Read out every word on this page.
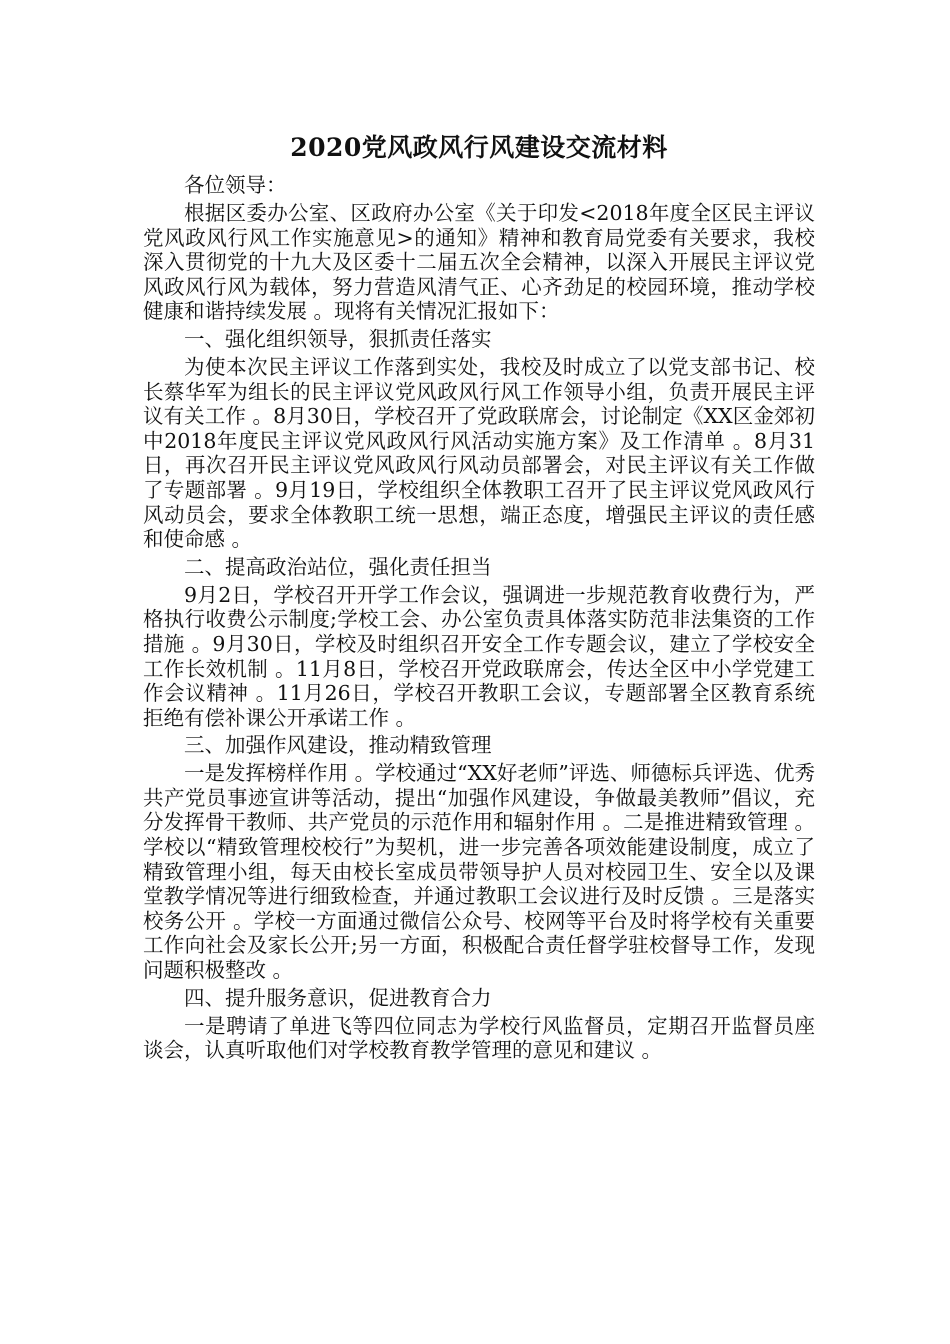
2020党风政风行风建设交流材料

各位领导：

根据区委办公室、区政府办公室《关于印发<2018年度全区民主评议党风政风行风工作实施意见>的通知》精神和教育局党委有关要求，我校深入贯彻党的十九大及区委十二届五次全会精神，以深入开展民主评议党风政风行风为载体，努力营造风清气正、心齐劲足的校园环境，推动学校健康和谐持续发展 。现将有关情况汇报如下：

一、强化组织领导，狠抓责任落实

为使本次民主评议工作落到实处，我校及时成立了以党支部书记、校长蔡华军为组长的民主评议党风政风行风工作领导小组，负责开展民主评议有关工作 。8月30日，学校召开了党政联席会，讨论制定《XX区金郊初中2018年度民主评议党风政风行风活动实施方案》及工作清单 。8月31日，再次召开民主评议党风政风行风动员部署会，对民主评议有关工作做了专题部署 。9月19日，学校组织全体教职工召开了民主评议党风政风行风动员会，要求全体教职工统一思想，端正态度，增强民主评议的责任感和使命感 。

二、提高政治站位，强化责任担当

9月2日，学校召开开学工作会议，强调进一步规范教育收费行为，严格执行收费公示制度;学校工会、办公室负责具体落实防范非法集资的工作措施 。9月30日，学校及时组织召开安全工作专题会议，建立了学校安全工作长效机制 。11月8日，学校召开党政联席会，传达全区中小学党建工作会议精神 。11月26日，学校召开教职工会议，专题部署全区教育系统拒绝有偿补课公开承诺工作 。

三、加强作风建设，推动精致管理

一是发挥榜样作用 。学校通过“XX好老师”评选、师德标兵评选、优秀共产党员事迹宣讲等活动，提出“加强作风建设，争做最美教师”倡议，充分发挥骨干教师、共产党员的示范作用和辐射作用 。二是推进精致管理 。学校以“精致管理校校行”为契机，进一步完善各项效能建设制度，成立了精致管理小组，每天由校长室成员带领导护人员对校园卫生、安全以及课堂教学情况等进行细致检查，并通过教职工会议进行及时反馈 。三是落实校务公开 。学校一方面通过微信公众号、校网等平台及时将学校有关重要工作向社会及家长公开;另一方面，积极配合责任督学驻校督导工作，发现问题积极整改 。

四、提升服务意识，促进教育合力

一是聘请了单进飞等四位同志为学校行风监督员，定期召开监督员座谈会，认真听取他们对学校教育教学管理的意见和建议 。
